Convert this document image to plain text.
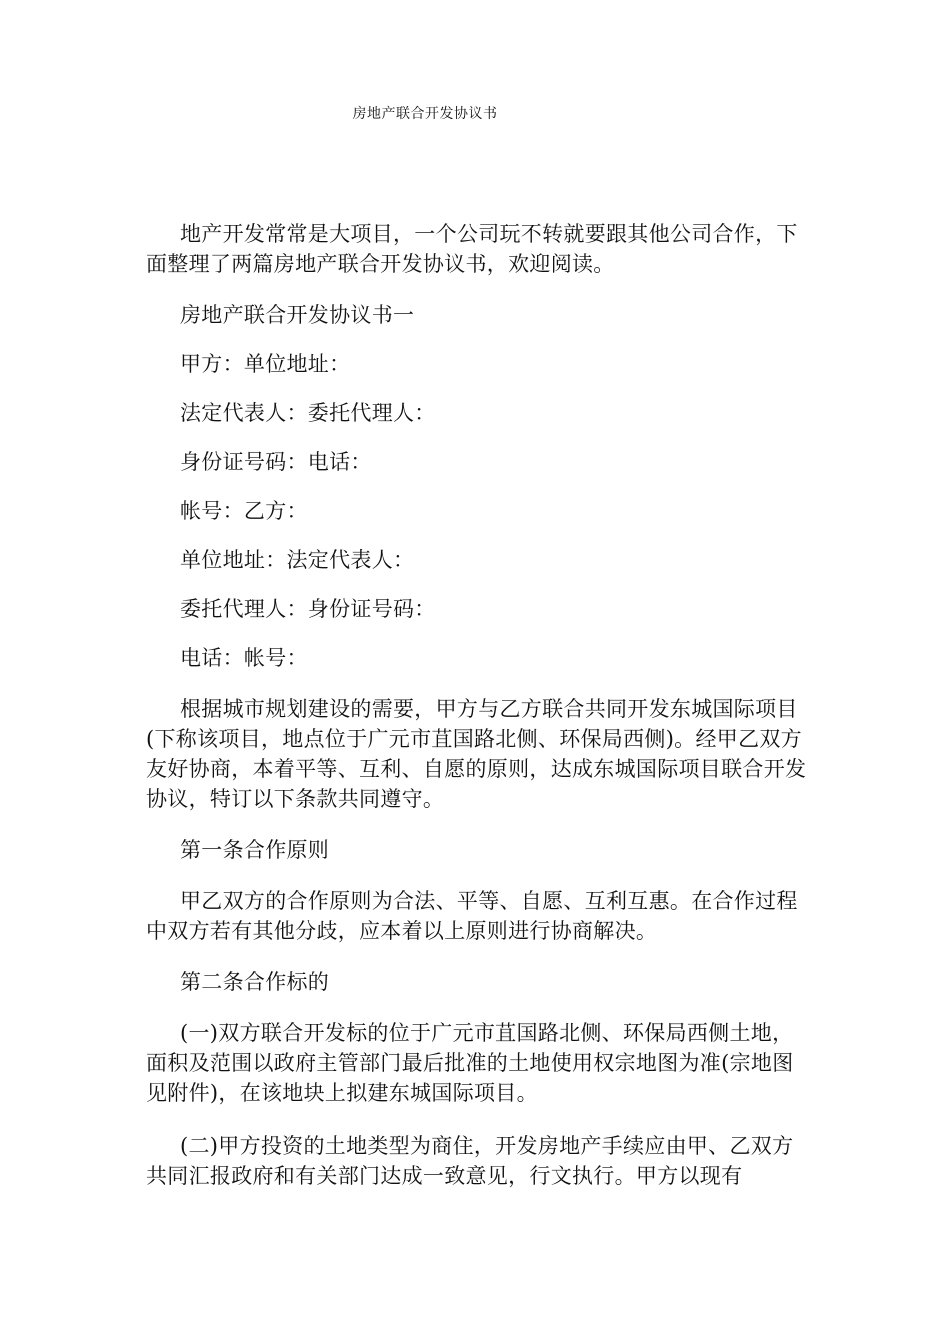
房地产联合开发协议书

地产开发常常是大项目，一个公司玩不转就要跟其他公司合作，下面整理了两篇房地产联合开发协议书，欢迎阅读。

房地产联合开发协议书一

甲方：单位地址：

法定代表人：委托代理人：

身份证号码：电话：

帐号：乙方：

单位地址：法定代表人：

委托代理人：身份证号码：

电话：帐号：

根据城市规划建设的需要，甲方与乙方联合共同开发东城国际项目(下称该项目，地点位于广元市苴国路北侧、环保局西侧)。经甲乙双方友好协商，本着平等、互利、自愿的原则，达成东城国际项目联合开发协议，特订以下条款共同遵守。

第一条合作原则

甲乙双方的合作原则为合法、平等、自愿、互利互惠。在合作过程中双方若有其他分歧，应本着以上原则进行协商解决。

第二条合作标的

(一)双方联合开发标的位于广元市苴国路北侧、环保局西侧土地，面积及范围以政府主管部门最后批准的土地使用权宗地图为准(宗地图见附件)，在该地块上拟建东城国际项目。

(二)甲方投资的土地类型为商住，开发房地产手续应由甲、乙双方共同汇报政府和有关部门达成一致意见，行文执行。甲方以现有
